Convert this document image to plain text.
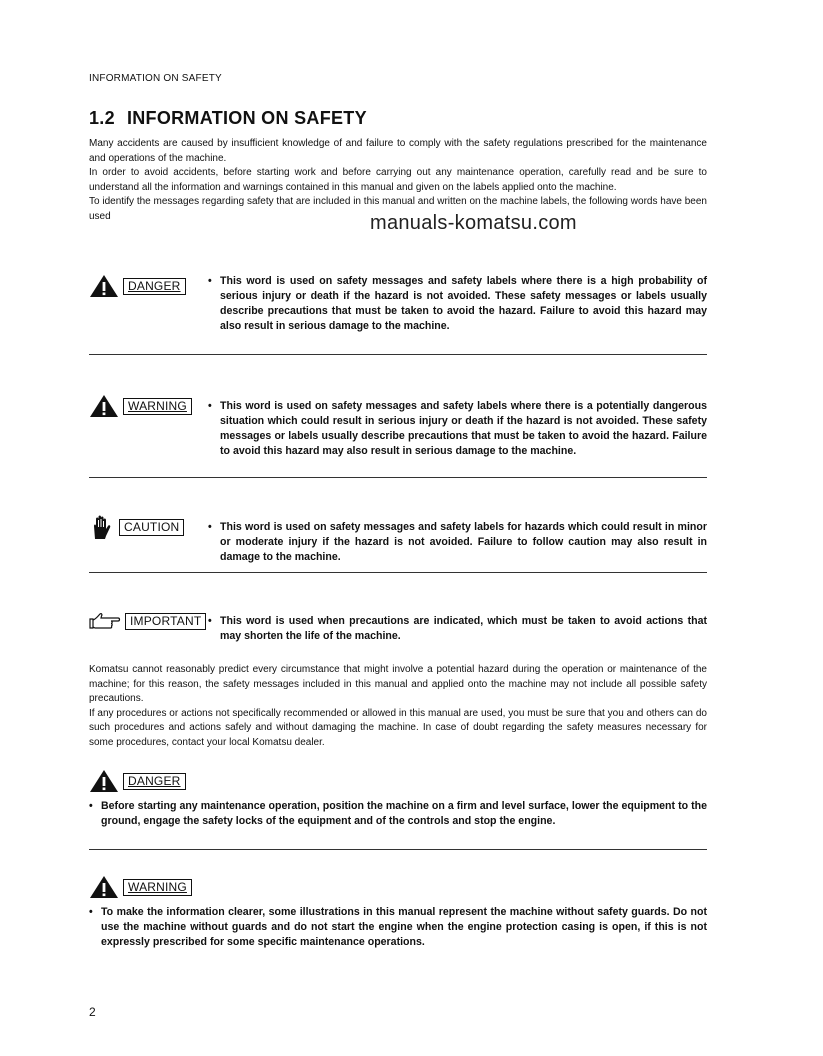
INFORMATION ON SAFETY
1.2 INFORMATION ON SAFETY

Many accidents are caused by insufficient knowledge of and failure to comply with the safety regulations prescribed for the maintenance and operations of the machine.

In order to avoid accidents, before starting work and before carrying out any maintenance operation, carefully read and be sure to understand all the information and warnings contained in this manual and given on the labels applied onto the machine.

To identify the messages regarding safety that are included in this manual and written on the machine labels, the following words have been used	manuals-komatsu.com
DANGER	• This word is used on safety messages and safety labels where there is a high probability of serious injury or death if the hazard is not avoided. These safety messages or labels usually describe precautions that must be taken to avoid the hazard. Failure to avoid this hazard may also result in serious damage to the machine.
WARNING	• This word is used on safety messages and safety labels where there is a potentially dangerous situation which could result in serious injury or death if the hazard is not avoided. These safety messages or labels usually describe precautions that must be taken to avoid the hazard. Failure to avoid this hazard may also result in serious damage to the machine.
CAUTION	• This word is used on safety messages and safety labels for hazards which could result in minor or moderate injury if the hazard is not avoided. Failure to follow caution may also result in damage to the machine.
IMPORTANT • This word is used when precautions are indicated, which must be taken to avoid actions that may shorten the life of the machine.

Komatsu cannot reasonably predict every circumstance that might involve a potential hazard during the operation or maintenance of the machine; for this reason, the safety messages included in this manual and applied onto the machine may not include all possible safety precautions.

If any procedures or actions not specifically recommended or allowed in this manual are used, you must be sure that you and others can do such procedures and actions safely and without damaging the machine. In case of doubt regarding the safety measures necessary for some procedures, contact your local Komatsu dealer.

DANGER
• Before starting any maintenance operation, position the machine on a firm and level surface, lower the equipment to the ground, engage the safety locks of the equipment and of the controls and stop the engine.
WARNING
• To make the information clearer, some illustrations in this manual represent the machine without safety guards. Do not use the machine without guards and do not start the engine when the engine protection casing is open, if this is not expressly prescribed for some specific maintenance operations.
2
